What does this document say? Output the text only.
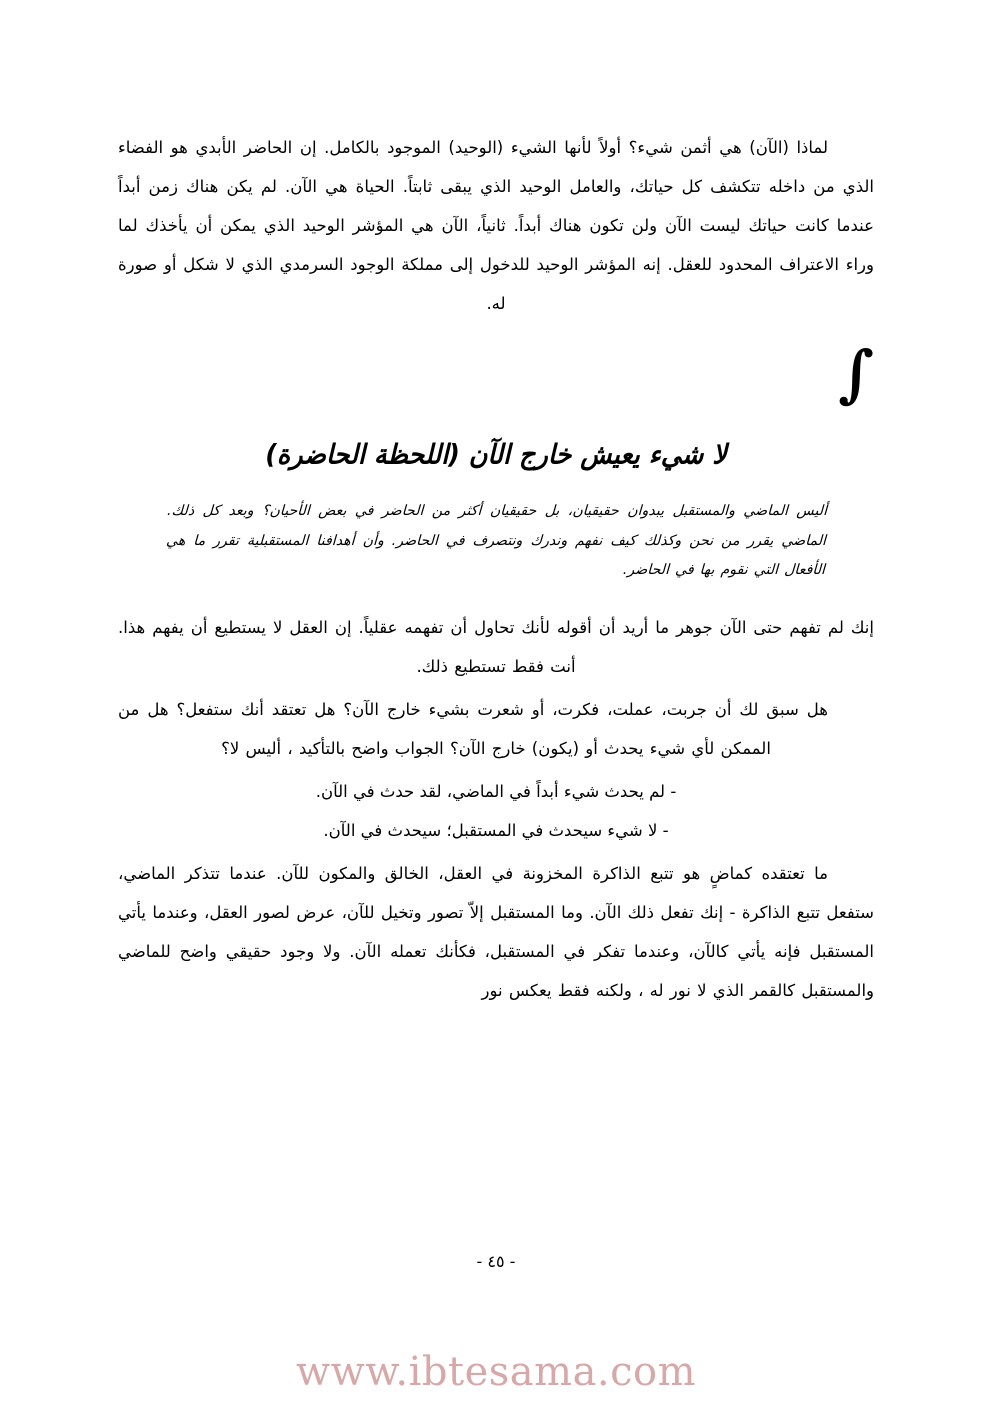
لماذا (الآن) هي أثمن شيء؟ أولاً لأنها الشيء (الوحيد) الموجود بالكامل. إن الحاضر الأبدي هو الفضاء الذي من داخله تتكشف كل حياتك، والعامل الوحيد الذي يبقى ثابتاً. الحياة هي الآن. لم يكن هناك زمن أبداً عندما كانت حياتك ليست الآن ولن تكون هناك أبداً. ثانياً، الآن هي المؤشر الوحيد الذي يمكن أن يأخذك لما وراء الاعتراف المحدود للعقل. إنه المؤشر الوحيد للدخول إلى مملكة الوجود السرمدي الذي لا شكل أو صورة له.

∫
لا شيء يعيش خارج الآن (اللحظة الحاضرة)

أليس الماضي والمستقبل يبدوان حقيقيان، بل حقيقيان أكثر من الحاضر في بعض الأحيان؟ وبعد كل ذلك. الماضي يقرر من نحن وكذلك كيف نفهم وندرك ونتصرف في الحاضر. وأن أهدافنا المستقبلية تقرر ما هي الأفعال التي نقوم بها في الحاضر.

إنك لم تفهم حتى الآن جوهر ما أريد أن أقوله لأنك تحاول أن تفهمه عقلياً. إن العقل لا يستطيع أن يفهم هذا. أنت فقط تستطيع ذلك.

هل سبق لك أن جربت، عملت، فكرت، أو شعرت بشيء خارج الآن؟ هل تعتقد أنك ستفعل؟ هل من الممكن لأي شيء يحدث أو (يكون) خارج الآن؟ الجواب واضح بالتأكيد ، أليس لا؟

- لم يحدث شيء أبداً في الماضي، لقد حدث في الآن.

- لا شيء سيحدث في المستقبل؛ سيحدث في الآن.

ما تعتقده كماضٍ هو تتبع الذاكرة المخزونة في العقل، الخالق والمكون للآن. عندما تتذكر الماضي، ستفعل تتبع الذاكرة - إنك تفعل ذلك الآن. وما المستقبل إلاّ تصور وتخيل للآن، عرض لصور العقل، وعندما يأتي المستقبل فإنه يأتي كالآن، وعندما تفكر في المستقبل، فكأنك تعمله الآن. ولا وجود حقيقي واضح للماضي والمستقبل كالقمر الذي لا نور له ، ولكنه فقط يعكس نور

- ٤٥ -
www.ibtesama.com
